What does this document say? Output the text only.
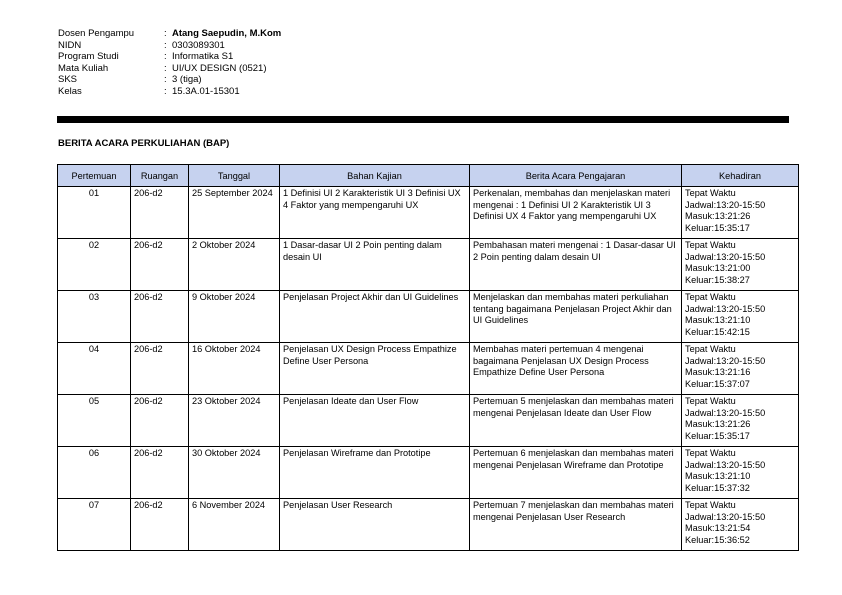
Dosen Pengampu	: Atang Saepudin, M.Kom
NIDN	: 0303089301
Program Studi	: Informatika S1
Mata Kuliah	: UI/UX DESIGN (0521)
SKS	: 3 (tiga)
Kelas	: 15.3A.01-15301
BERITA ACARA PERKULIAHAN (BAP)
Pertemuan	Ruangan	Tanggal	Bahan Kajian	Berita Acara Pengajaran	Kehadiran
01	206-d2	25 September 2024	1 Definisi UI 2 Karakteristik UI 3 Definisi UX 4 Faktor yang mempengaruhi UX	Perkenalan, membahas dan menjelaskan materi mengenai : 1 Definisi UI 2 Karakteristik UI 3 Definisi UX 4 Faktor yang mempengaruhi UX	Tepat Waktu
Jadwal:13:20-15:50
Masuk:13:21:26
Keluar:15:35:17

02	206-d2	2 Oktober 2024	1 Dasar-dasar UI 2 Poin penting dalam desain UI	Pembahasan materi mengenai : 1 Dasar-dasar UI 2 Poin penting dalam desain UI	Tepat Waktu
Jadwal:13:20-15:50
Masuk:13:21:00
Keluar:15:38:27

03	206-d2	9 Oktober 2024	Penjelasan Project Akhir dan UI Guidelines	Menjelaskan dan membahas materi perkuliahan tentang bagaimana Penjelasan Project Akhir dan UI Guidelines	Tepat Waktu
Jadwal:13:20-15:50
Masuk:13:21:10
Keluar:15:42:15

04	206-d2	16 Oktober 2024	Penjelasan UX Design Process Empathize Define User Persona	Membahas materi pertemuan 4 mengenai bagaimana Penjelasan UX Design Process Empathize Define User Persona	Tepat Waktu
Jadwal:13:20-15:50
Masuk:13:21:16
Keluar:15:37:07

05	206-d2	23 Oktober 2024	Penjelasan Ideate dan User Flow	Pertemuan 5 menjelaskan dan membahas materi mengenai Penjelasan Ideate dan User Flow	Tepat Waktu
Jadwal:13:20-15:50
Masuk:13:21:26
Keluar:15:35:17

06	206-d2	30 Oktober 2024	Penjelasan Wireframe dan Prototipe	Pertemuan 6 menjelaskan dan membahas materi mengenai Penjelasan Wireframe dan Prototipe	Tepat Waktu
Jadwal:13:20-15:50
Masuk:13:21:10
Keluar:15:37:32

07	206-d2	6 November 2024	Penjelasan User Research	Pertemuan 7 menjelaskan dan membahas materi mengenai Penjelasan User Research	Tepat Waktu
Jadwal:13:20-15:50
Masuk:13:21:54
Keluar:15:36:52
